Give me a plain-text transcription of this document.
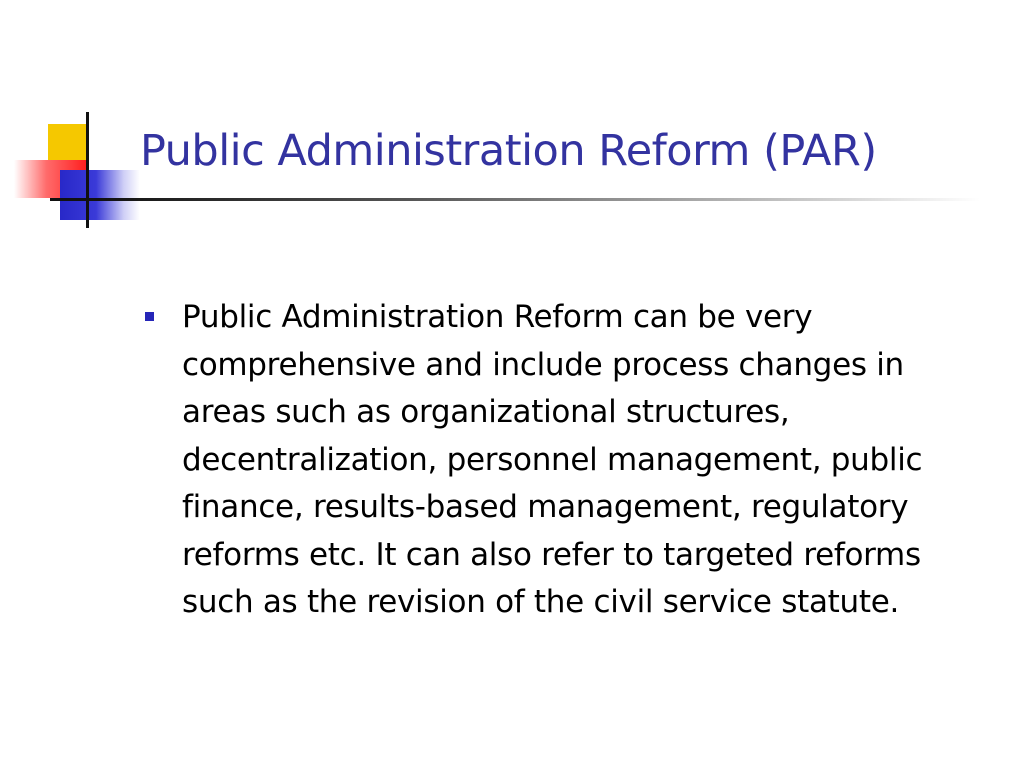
Public Administration Reform (PAR)
Public Administration Reform can be very comprehensive and include process changes in areas such as organizational structures, decentralization, personnel management, public finance, results-based management, regulatory reforms etc. It can also refer to targeted reforms such as the revision of the civil service statute.
